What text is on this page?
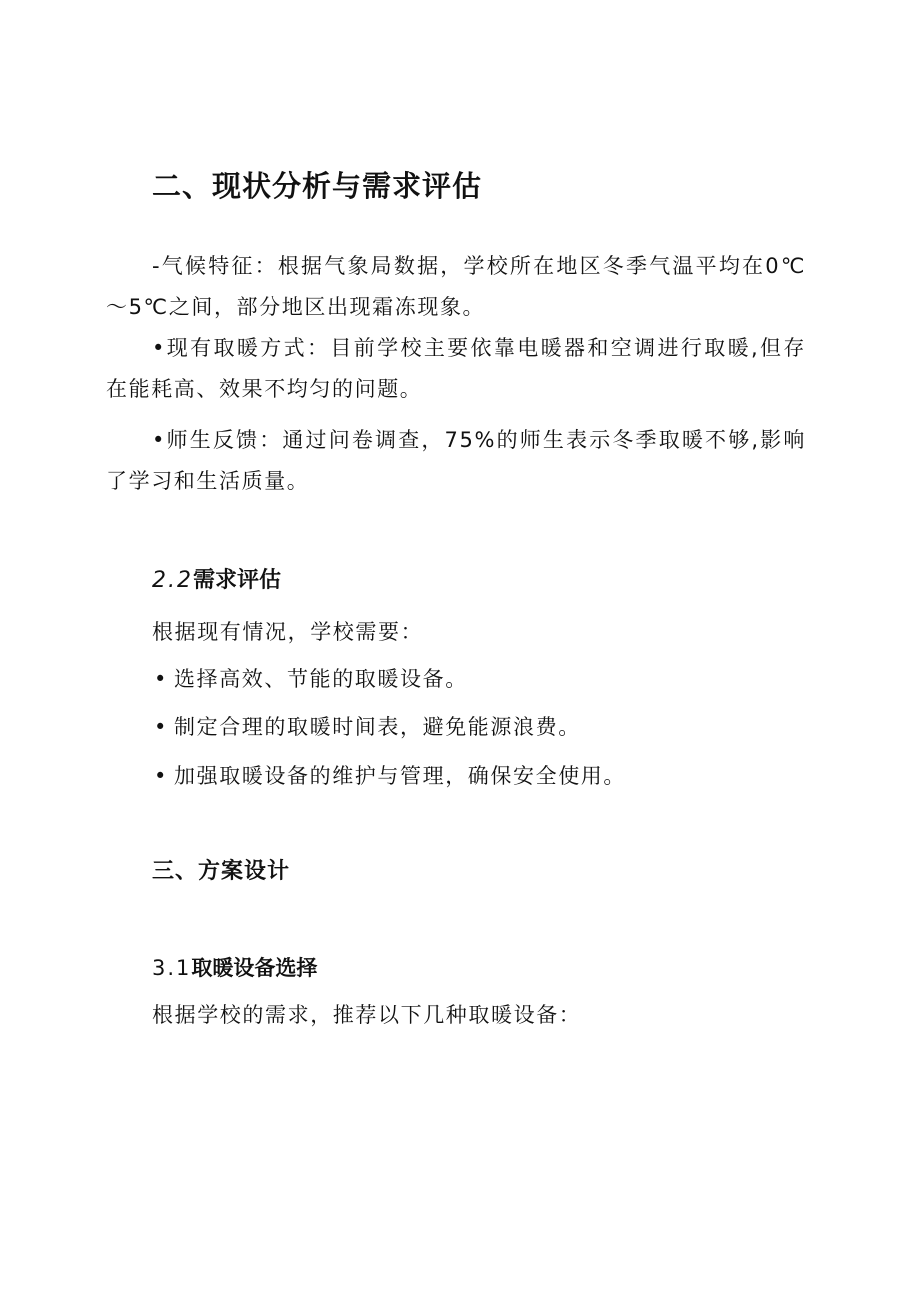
二、现状分析与需求评估

-气候特征：根据气象局数据，学校所在地区冬季气温平均在0℃～5℃之间，部分地区出现霜冻现象。

•现有取暖方式：目前学校主要依靠电暖器和空调进行取暖,但存在能耗高、效果不均匀的问题。

•师生反馈：通过问卷调查，75%的师生表示冬季取暖不够,影响了学习和生活质量。

2.2需求评估

根据现有情况，学校需要：

• 选择高效、节能的取暖设备。
• 制定合理的取暖时间表，避免能源浪费。
• 加强取暖设备的维护与管理，确保安全使用。
三、方案设计
3.1取暖设备选择

根据学校的需求，推荐以下几种取暖设备：
